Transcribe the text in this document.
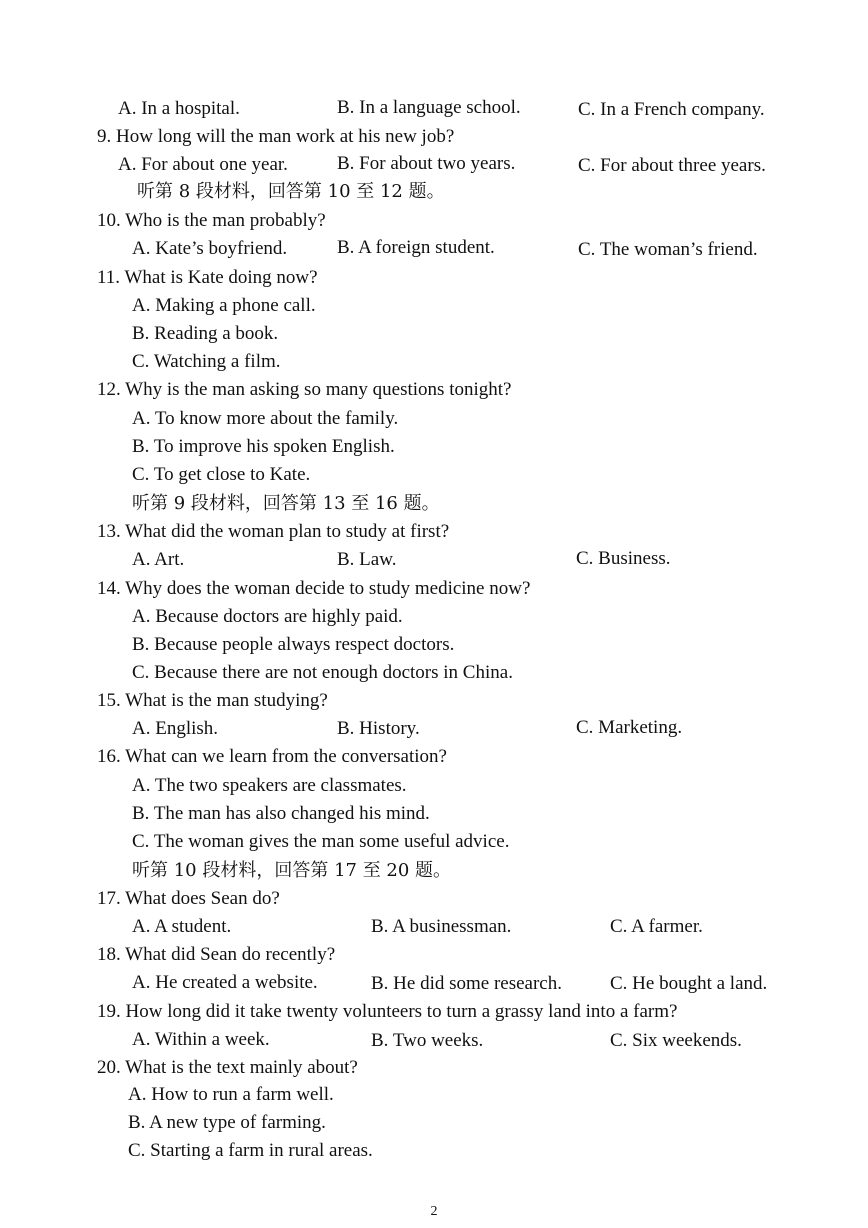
A. In a hospital.	B. In a language school.	C. In a French company.
9. How long will the man work at his new job?
A. For about one year.	B. For about two years.	C. For about three years.
听第 8 段材料，回答第 10 至 12 题。
10. Who is the man probably?
A. Kate’s boyfriend.	B. A foreign student.	C. The woman’s friend.
11. What is Kate doing now?
A. Making a phone call.
B. Reading a book.
C. Watching a film.
12. Why is the man asking so many questions tonight?
A. To know more about the family.
B. To improve his spoken English.
C. To get close to Kate.
听第 9 段材料，回答第 13 至 16 题。
13. What did the woman plan to study at first?
A. Art.	B. Law.	C. Business.
14. Why does the woman decide to study medicine now?
A. Because doctors are highly paid.
B. Because people always respect doctors.
C. Because there are not enough doctors in China.
15. What is the man studying?
A. English.	B. History.	C. Marketing.
16. What can we learn from the conversation?
A. The two speakers are classmates.
B. The man has also changed his mind.
C. The woman gives the man some useful advice.
听第 10 段材料，回答第 17 至 20 题。
17. What does Sean do?
A. A student.	B. A businessman.	C. A farmer.
18. What did Sean do recently?
A. He created a website.	B. He did some research.	C. He bought a land.
19. How long did it take twenty volunteers to turn a grassy land into a farm?
A. Within a week.	B. Two weeks.	C. Six weekends.
20. What is the text mainly about?
A. How to run a farm well.
B. A new type of farming.
C. Starting a farm in rural areas.
2
